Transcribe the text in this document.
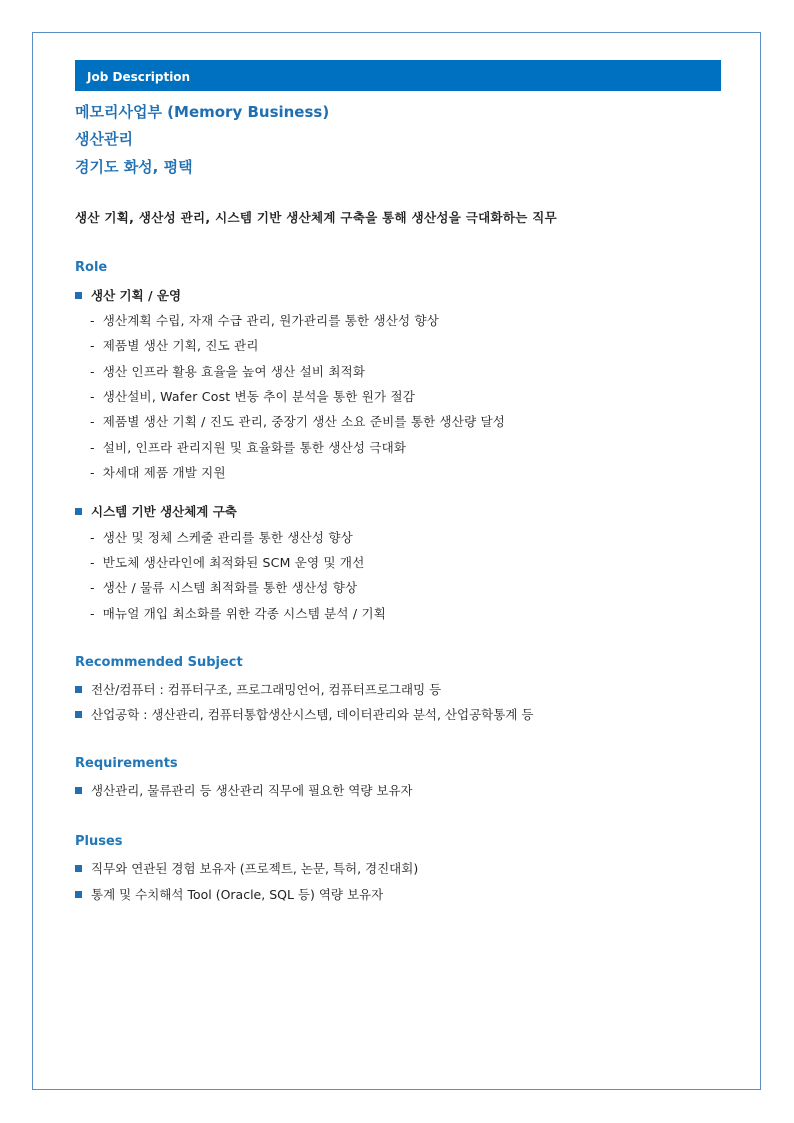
Job Description
메모리사업부 (Memory Business)
생산관리
경기도 화성, 평택
생산 기획, 생산성 관리, 시스템 기반 생산체계 구축을 통해 생산성을 극대화하는 직무
Role
생산 기획 / 운영
- 생산계획 수립, 자재 수급 관리, 원가관리를 통한 생산성 향상
- 제품별 생산 기획, 진도 관리
- 생산 인프라 활용 효율을 높여 생산 설비 최적화
- 생산설비, Wafer Cost 변동 추이 분석을 통한 원가 절감
- 제품별 생산 기획 / 진도 관리, 중장기 생산 소요 준비를 통한 생산량 달성
- 설비, 인프라 관리지원 및 효율화를 통한 생산성 극대화
- 차세대 제품 개발 지원
시스템 기반 생산체계 구축
- 생산 및 정체 스케줄 관리를 통한 생산성 향상
- 반도체 생산라인에 최적화된 SCM 운영 및 개선
- 생산 / 물류 시스템 최적화를 통한 생산성 향상
- 매뉴얼 개입 최소화를 위한 각종 시스템 분석 / 기획
Recommended Subject
전산/컴퓨터 : 컴퓨터구조, 프로그래밍언어, 컴퓨터프로그래밍 등
산업공학 : 생산관리, 컴퓨터통합생산시스템, 데이터관리와 분석, 산업공학통계 등
Requirements
생산관리, 물류관리 등 생산관리 직무에 필요한 역량 보유자
Pluses
직무와 연관된 경험 보유자 (프로젝트, 논문, 특허, 경진대회)
통계 및 수치해석 Tool (Oracle, SQL 등) 역량 보유자
